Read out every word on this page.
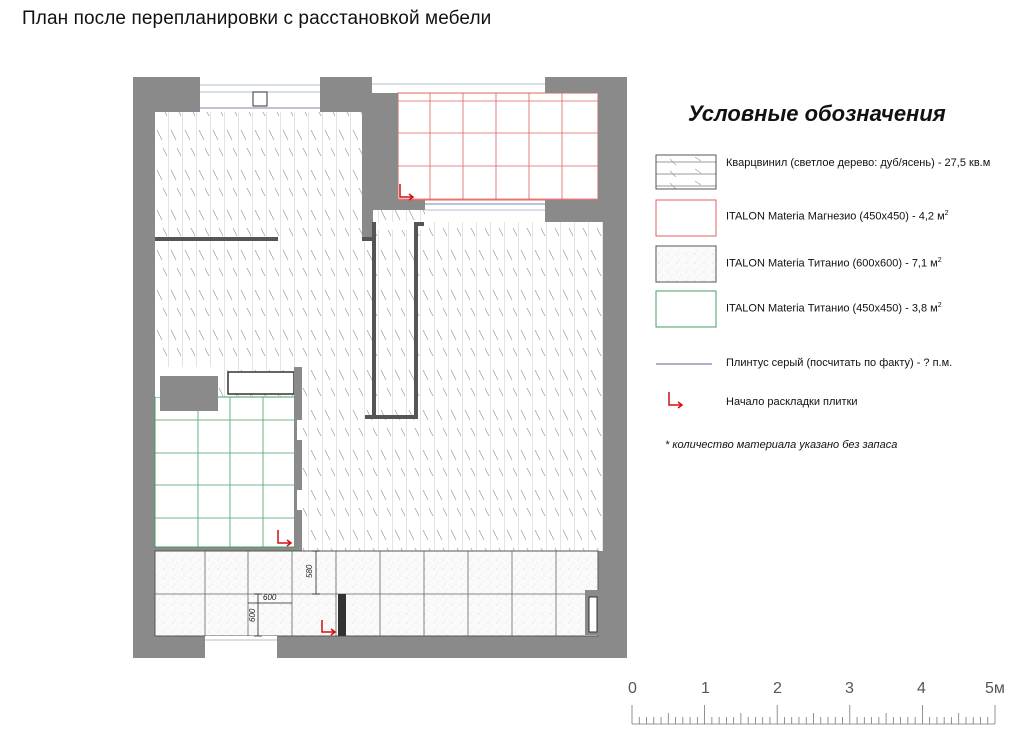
План после перепланировки с расстановкой мебели
580
600
600
Условные обозначения
Кварцвинил (светлое дерево: дуб/ясень) - 27,5 кв.м
ITALON Materia Магнезио (450x450) - 4,2 $м^2$
ITALON Materia Титанио (600x600) - 7,1 $м^2$
ITALON Materia Титанио (450x450) - 3,8 $м^2$
Плинтус серый (посчитать по факту) - ? п.м.
Начало раскладки плитки
* количество материала указано без запаса
0	1	2	3	4	5м
